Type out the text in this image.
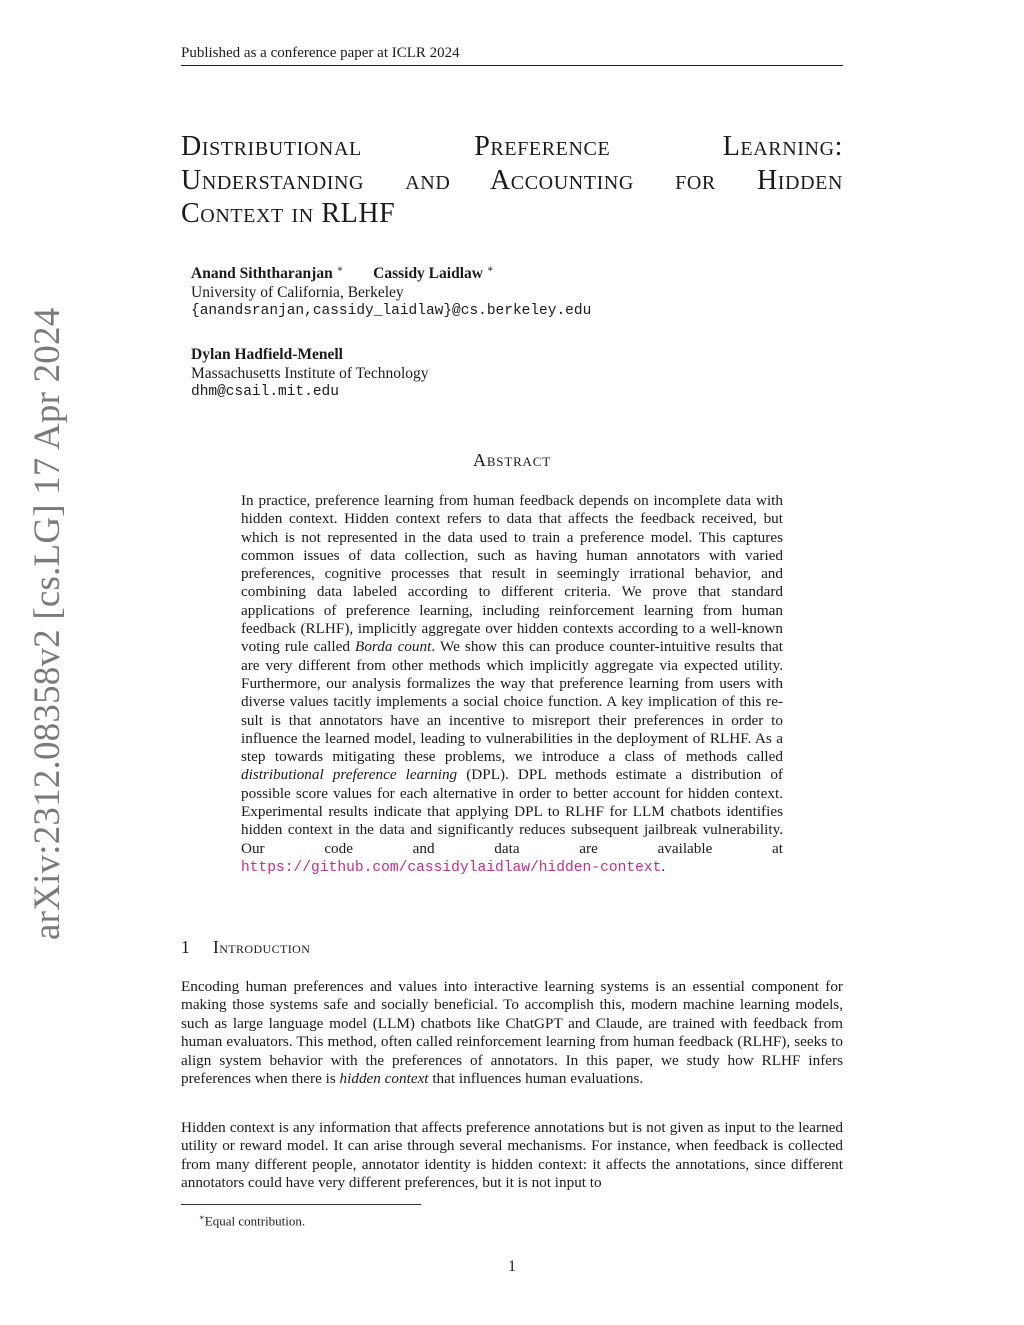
Published as a conference paper at ICLR 2024
arXiv:2312.08358v2 [cs.LG] 17 Apr 2024
Distributional Preference Learning:
Understanding and Accounting for Hidden
Context in RLHF
Anand Siththaranjan ∗ Cassidy Laidlaw ∗
University of California, Berkeley
{anandsranjan,cassidy_laidlaw}@cs.berkeley.edu
Dylan Hadfield-Menell
Massachusetts Institute of Technology
dhm@csail.mit.edu
Abstract
In practice, preference learning from human feedback depends on incomplete data with hidden context. Hidden context refers to data that affects the feedback received, but which is not represented in the data used to train a preference model. This captures common issues of data collection, such as having human annotators with varied preferences, cognitive processes that result in seemingly irrational behavior, and combining data labeled according to different criteria. We prove that standard applications of preference learning, including reinforcement learning from human feedback (RLHF), implicitly aggregate over hidden contexts according to a well-known voting rule called Borda count. We show this can produce counter-intuitive results that are very different from other methods which implicitly aggregate via expected utility. Furthermore, our analysis formalizes the way that preference learning from users with diverse values tacitly implements a social choice function. A key implication of this result is that annotators have an incentive to misreport their preferences in order to influence the learned model, leading to vulnerabilities in the deployment of RLHF. As a step towards mitigating these problems, we introduce a class of methods called distributional preference learning (DPL). DPL methods estimate a distribution of possible score values for each alternative in order to better account for hidden context. Experimental results indicate that applying DPL to RLHF for LLM chatbots identifies hidden context in the data and significantly reduces subsequent jailbreak vulnerability. Our code and data are available at https://github.com/cassidylaidlaw/hidden-context.
1 Introduction
Encoding human preferences and values into interactive learning systems is an essential component for making those systems safe and socially beneficial. To accomplish this, modern machine learning models, such as large language model (LLM) chatbots like ChatGPT and Claude, are trained with feedback from human evaluators. This method, often called reinforcement learning from human feedback (RLHF), seeks to align system behavior with the preferences of annotators. In this paper, we study how RLHF infers preferences when there is hidden context that influences human evaluations.
Hidden context is any information that affects preference annotations but is not given as input to the learned utility or reward model. It can arise through several mechanisms. For instance, when feedback is collected from many different people, annotator identity is hidden context: it affects the annotations, since different annotators could have very different preferences, but it is not input to
∗Equal contribution.
1
